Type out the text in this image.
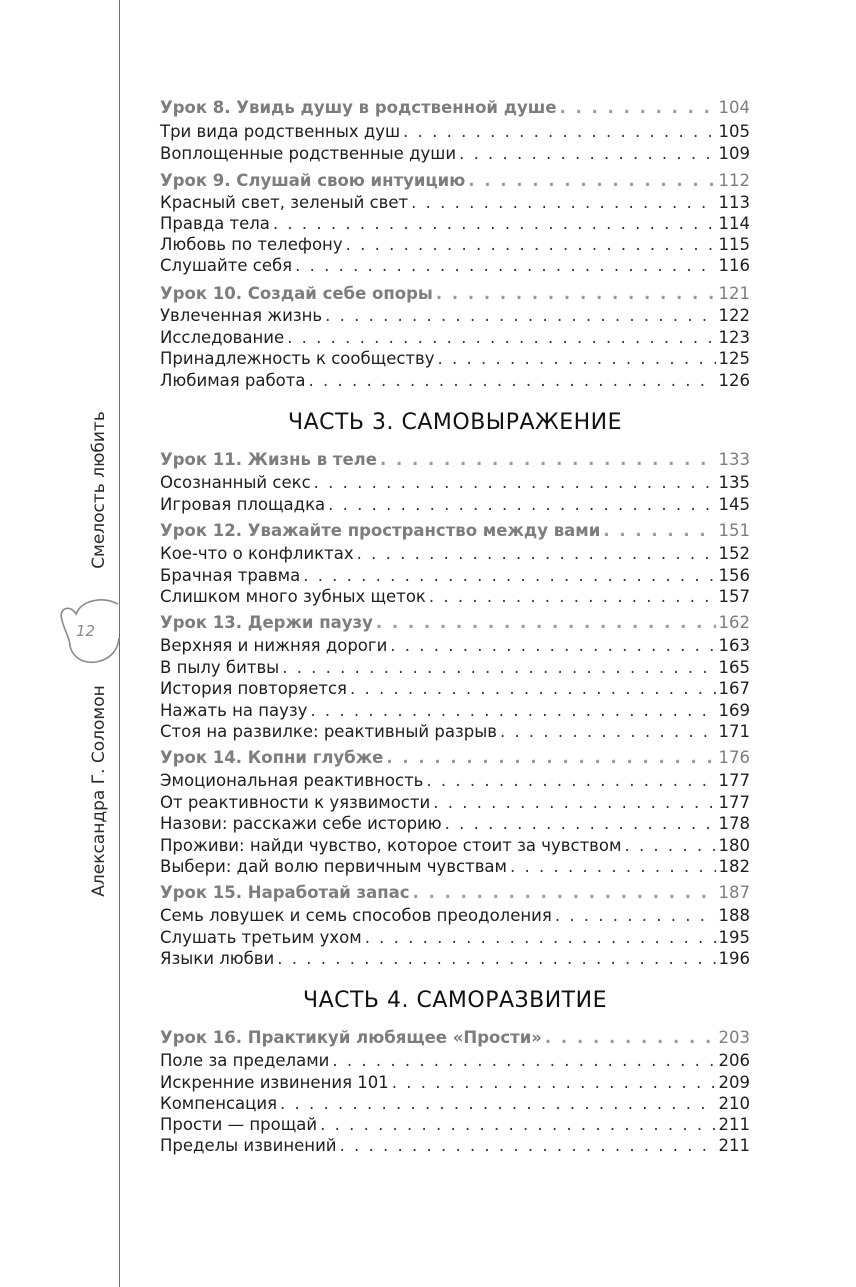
Смелость любить
12
Александра Г. Соломон
Урок 8. Увидь душу в родственной душе . . .	104
Три вида родственных душ . . .	105
Воплощенные родственные души . . .	109
Урок 9. Слушай свою интуицию . . .	112
Красный свет, зеленый свет . . .	113
Правда тела . . .	114
Любовь по телефону . . .	115
Слушайте себя . . .	116
Урок 10. Создай себе опоры . . .	121
Увлеченная жизнь . . .	122
Исследование . . .	123
Принадлежность к сообществу . . .	125
Любимая работа . . .	126
ЧАСТЬ 3. САМОВЫРАЖЕНИЕ
Урок 11. Жизнь в теле . . .	133
Осознанный секс . . .	135
Игровая площадка . . .	145
Урок 12. Уважайте пространство между вами . . .	151
Кое-что о конфликтах . . .	152
Брачная травма . . .	156
Слишком много зубных щеток . . .	157
Урок 13. Держи паузу . . .	162
Верхняя и нижняя дороги . . .	163
В пылу битвы . . .	165
История повторяется . . .	167
Нажать на паузу . . .	169
Стоя на развилке: реактивный разрыв . . .	171
Урок 14. Копни глубже . . .	176
Эмоциональная реактивность . . .	177
От реактивности к уязвимости . . .	177
Назови: расскажи себе историю . . .	178
Проживи: найди чувство, которое стоит за чувством . . .	180
Выбери: дай волю первичным чувствам . . .	182
Урок 15. Наработай запас . . .	187
Семь ловушек и семь способов преодоления . . .	188
Слушать третьим ухом . . .	195
Языки любви . . .	196
ЧАСТЬ 4. САМОРАЗВИТИЕ
Урок 16. Практикуй любящее «Прости» . . .	203
Поле за пределами . . .	206
Искренние извинения 101 . . .	209
Компенсация . . .	210
Прости — прощай . . .	211
Пределы извинений . . .	211
